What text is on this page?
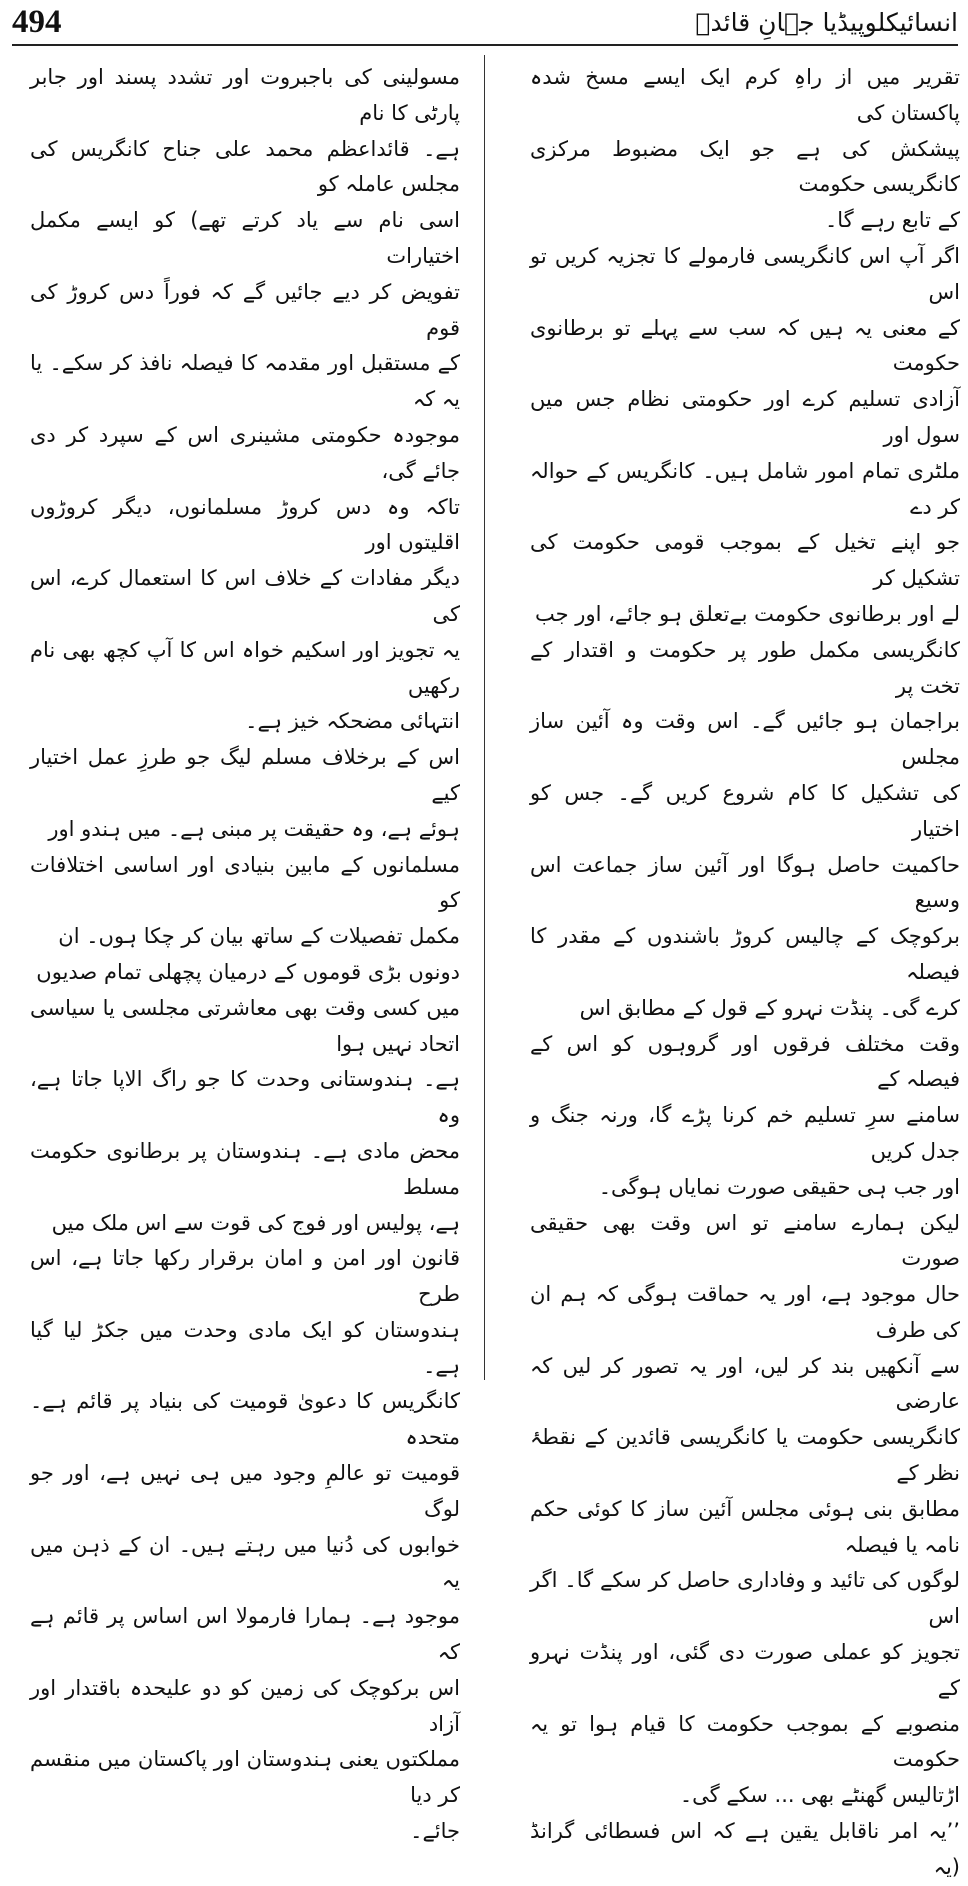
494	انسائیکلوپیڈیا جہانِ قائدؒ

تقریر میں از راہِ کرم ایک ایسے مسخ شدہ پاکستان کی
پیشکش کی ہے جو ایک مضبوط مرکزی کانگریسی حکومت
کے تابع رہے گا۔

اگر آپ اس کانگریسی فارمولے کا تجزیہ کریں تو اس
کے معنی یہ ہیں کہ سب سے پہلے تو برطانوی حکومت
آزادی تسلیم کرے اور حکومتی نظام جس میں سول اور
ملٹری تمام امور شامل ہیں۔ کانگریس کے حوالہ کر دے
جو اپنے تخیل کے بموجب قومی حکومت کی تشکیل کر
لے اور برطانوی حکومت بےتعلق ہو جائے، اور جب
کانگریسی مکمل طور پر حکومت و اقتدار کے تخت پر
براجمان ہو جائیں گے۔ اس وقت وہ آئین ساز مجلس
کی تشکیل کا کام شروع کریں گے۔ جس کو اختیار
حاکمیت حاصل ہوگا اور آئین ساز جماعت اس وسیع
برکوچک کے چالیس کروڑ باشندوں کے مقدر کا فیصلہ
کرے گی۔ پنڈت نہرو کے قول کے مطابق اس
وقت مختلف فرقوں اور گروہوں کو اس کے فیصلہ کے
سامنے سرِ تسلیم خم کرنا پڑے گا، ورنہ جنگ و جدل کریں
اور جب ہی حقیقی صورت نمایاں ہوگی۔

لیکن ہمارے سامنے تو اس وقت بھی حقیقی صورت
حال موجود ہے، اور یہ حماقت ہوگی کہ ہم ان کی طرف
سے آنکھیں بند کر لیں، اور یہ تصور کر لیں کہ عارضی
کانگریسی حکومت یا کانگریسی قائدین کے نقطۂ نظر کے
مطابق بنی ہوئی مجلس آئین ساز کا کوئی حکم نامہ یا فیصلہ
لوگوں کی تائید و وفاداری حاصل کر سکے گا۔ اگر اس
تجویز کو عملی صورت دی گئی، اور پنڈت نہرو کے
منصوبے کے بموجب حکومت کا قیام ہوا تو یہ حکومت
اڑتالیس گھنٹے بھی ... سکے گی۔

’’یہ امر ناقابل یقین ہے کہ اس فسطائی گرانڈ (یہ

مسولینی کی باجبروت اور تشدد پسند اور جابر پارٹی کا نام
ہے۔ قائداعظم محمد علی جناح کانگریس کی مجلس عاملہ کو
اسی نام سے یاد کرتے تھے) کو ایسے مکمل اختیارات
تفویض کر دیے جائیں گے کہ فوراً دس کروڑ کی قوم
کے مستقبل اور مقدمہ کا فیصلہ نافذ کر سکے۔ یا یہ کہ
موجودہ حکومتی مشینری اس کے سپرد کر دی جائے گی،
تاکہ وہ دس کروڑ مسلمانوں، دیگر کروڑوں اقلیتوں اور
دیگر مفادات کے خلاف اس کا استعمال کرے، اس کی
یہ تجویز اور اسکیم خواہ اس کا آپ کچھ بھی نام رکھیں
انتہائی مضحکہ خیز ہے۔

اس کے برخلاف مسلم لیگ جو طرزِ عمل اختیار کیے
ہوئے ہے، وہ حقیقت پر مبنی ہے۔ میں ہندو اور
مسلمانوں کے مابین بنیادی اور اساسی اختلافات کو
مکمل تفصیلات کے ساتھ بیان کر چکا ہوں۔ ان
دونوں بڑی قوموں کے درمیان پچھلی تمام صدیوں
میں کسی وقت بھی معاشرتی مجلسی یا سیاسی اتحاد نہیں ہوا
ہے۔ ہندوستانی وحدت کا جو راگ الاپا جاتا ہے، وہ
محض مادی ہے۔ ہندوستان پر برطانوی حکومت مسلط
ہے، پولیس اور فوج کی قوت سے اس ملک میں
قانون اور امن و امان برقرار رکھا جاتا ہے، اس طرح
ہندوستان کو ایک مادی وحدت میں جکڑ لیا گیا ہے۔

کانگریس کا دعویٰ قومیت کی بنیاد پر قائم ہے۔ متحدہ
قومیت تو عالمِ وجود میں ہی نہیں ہے، اور جو لوگ
خوابوں کی دُنیا میں رہتے ہیں۔ ان کے ذہن میں یہ
موجود ہے۔ ہمارا فارمولا اس اساس پر قائم ہے کہ
اس برکوچک کی زمین کو دو علیحدہ باقتدار اور آزاد
مملکتوں یعنی ہندوستان اور پاکستان میں منقسم کر دیا
جائے۔
